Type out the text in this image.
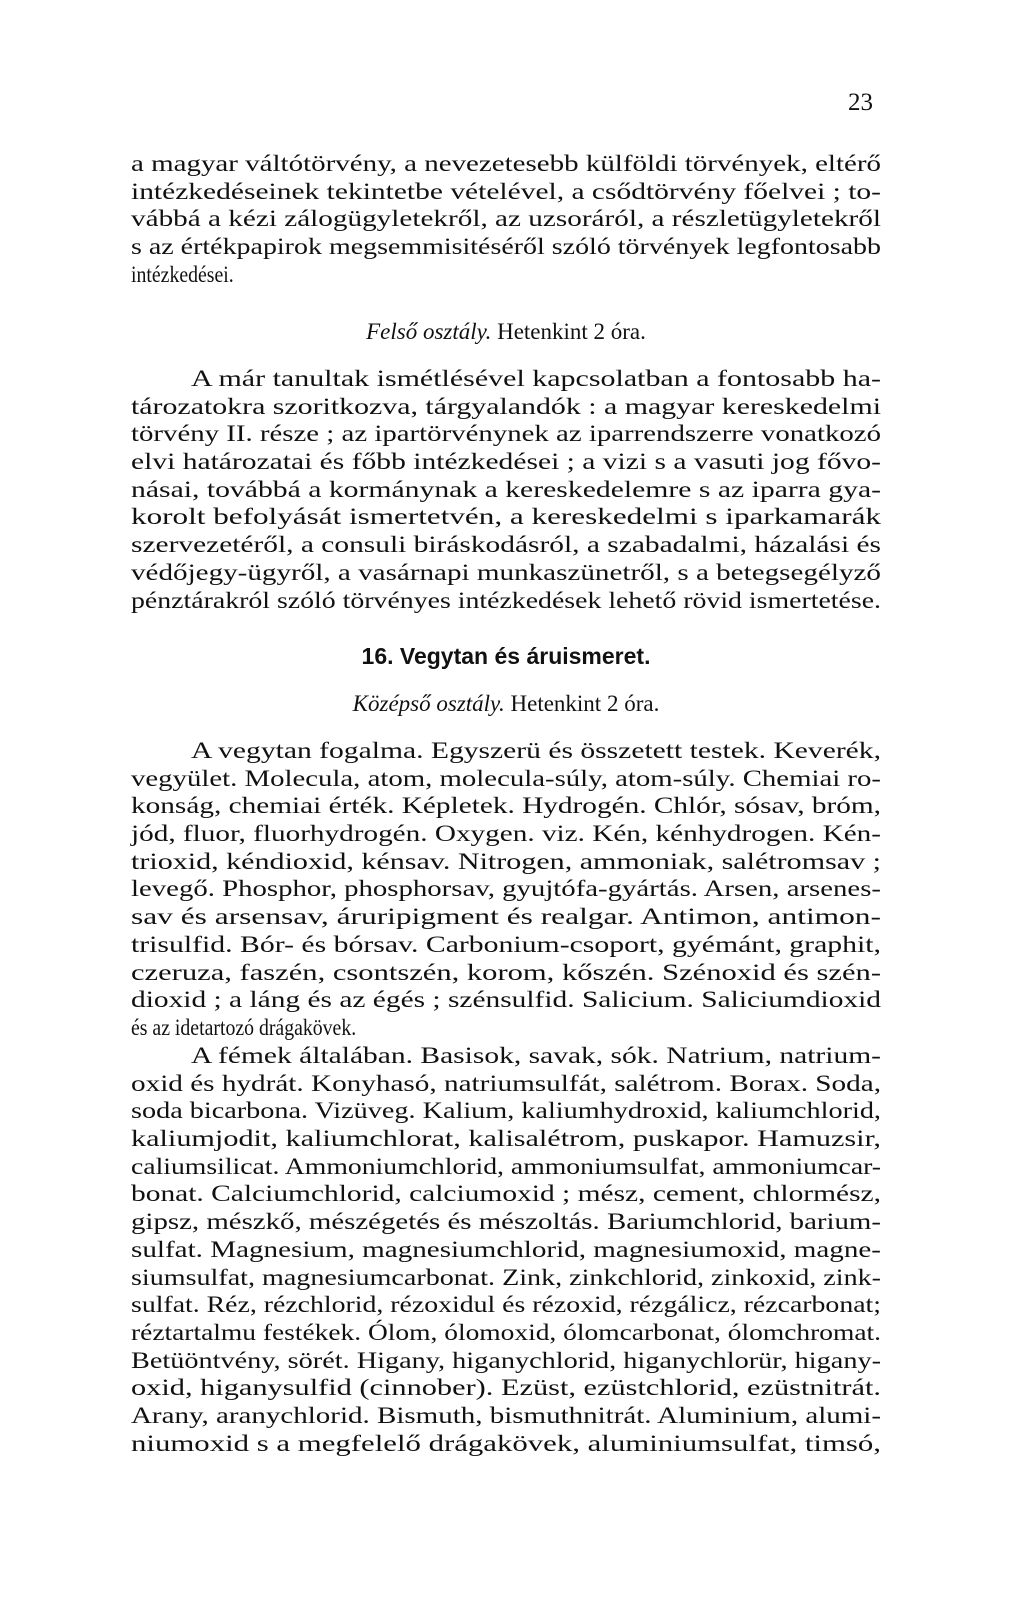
23
a magyar váltótörvény, a nevezetesebb külföldi törvények, eltérő
intézkedéseinek tekintetbe vételével, a csődtörvény főelvei ; to-
vábbá a kézi zálogügyletekről, az uzsoráról, a részletügyletekről
s az értékpapirok megsemmisitéséről szóló törvények legfontosabb
intézkedései.
Felső osztály. Hetenkint 2 óra.
A már tanultak ismétlésével kapcsolatban a fontosabb ha-
tározatokra szoritkozva, tárgyalandók : a magyar kereskedelmi
törvény II. része ; az ipartörvénynek az iparrendszerre vonatkozó
elvi határozatai és főbb intézkedései ; a vizi s a vasuti jog fővo-
násai, továbbá a kormánynak a kereskedelemre s az iparra gya-
korolt befolyását ismertetvén, a kereskedelmi s iparkamarák
szervezetéről, a consuli biráskodásról, a szabadalmi, házalási és
védőjegy-ügyről, a vasárnapi munkaszünetről, s a betegsegélyző
pénztárakról szóló törvényes intézkedések lehető rövid ismertetése.
16. Vegytan és áruismeret.
Középső osztály. Hetenkint 2 óra.
A vegytan fogalma. Egyszerü és összetett testek. Keverék,
vegyület. Molecula, atom, molecula-súly, atom-súly. Chemiai ro-
konság, chemiai érték. Képletek. Hydrogén. Chlór, sósav, bróm,
jód, fluor, fluorhydrogén. Oxygen. viz. Kén, kénhydrogen. Kén-
trioxid, kéndioxid, kénsav. Nitrogen, ammoniak, salétromsav ;
levegő. Phosphor, phosphorsav, gyujtófa-gyártás. Arsen, arsenes-
sav és arsensav, áruripigment és realgar. Antimon, antimon-
trisulfid. Bór- és bórsav. Carbonium-csoport, gyémánt, graphit,
czeruza, faszén, csontszén, korom, kőszén. Szénoxid és szén-
dioxid ; a láng és az égés ; szénsulfid. Salicium. Saliciumdioxid
és az idetartozó drágakövek.
A fémek általában. Basisok, savak, sók. Natrium, natrium-
oxid és hydrát. Konyhasó, natriumsulfát, salétrom. Borax. Soda,
soda bicarbona. Vizüveg. Kalium, kaliumhydroxid, kaliumchlorid,
kaliumjodit, kaliumchlorat, kalisalétrom, puskapor. Hamuzsir,
caliumsilicat. Ammoniumchlorid, ammoniumsulfat, ammoniumcar-
bonat. Calciumchlorid, calciumoxid ; mész, cement, chlormész,
gipsz, mészkő, mészégetés és mészoltás. Bariumchlorid, barium-
sulfat. Magnesium, magnesiumchlorid, magnesiumoxid, magne-
siumsulfat, magnesiumcarbonat. Zink, zinkchlorid, zinkoxid, zink-
sulfat. Réz, rézchlorid, rézoxidul és rézoxid, rézgálicz, rézcarbonat;
réztartalmu festékek. Ólom, ólomoxid, ólomcarbonat, ólomchromat.
Betüöntvény, sörét. Higany, higanychlorid, higanychlorür, higany-
oxid, higanysulfid (cinnober). Ezüst, ezüstchlorid, ezüstnitrát.
Arany, aranychlorid. Bismuth, bismuthnitrát. Aluminium, alumi-
niumoxid s a megfelelő drágakövek, aluminiumsulfat, timsó,
